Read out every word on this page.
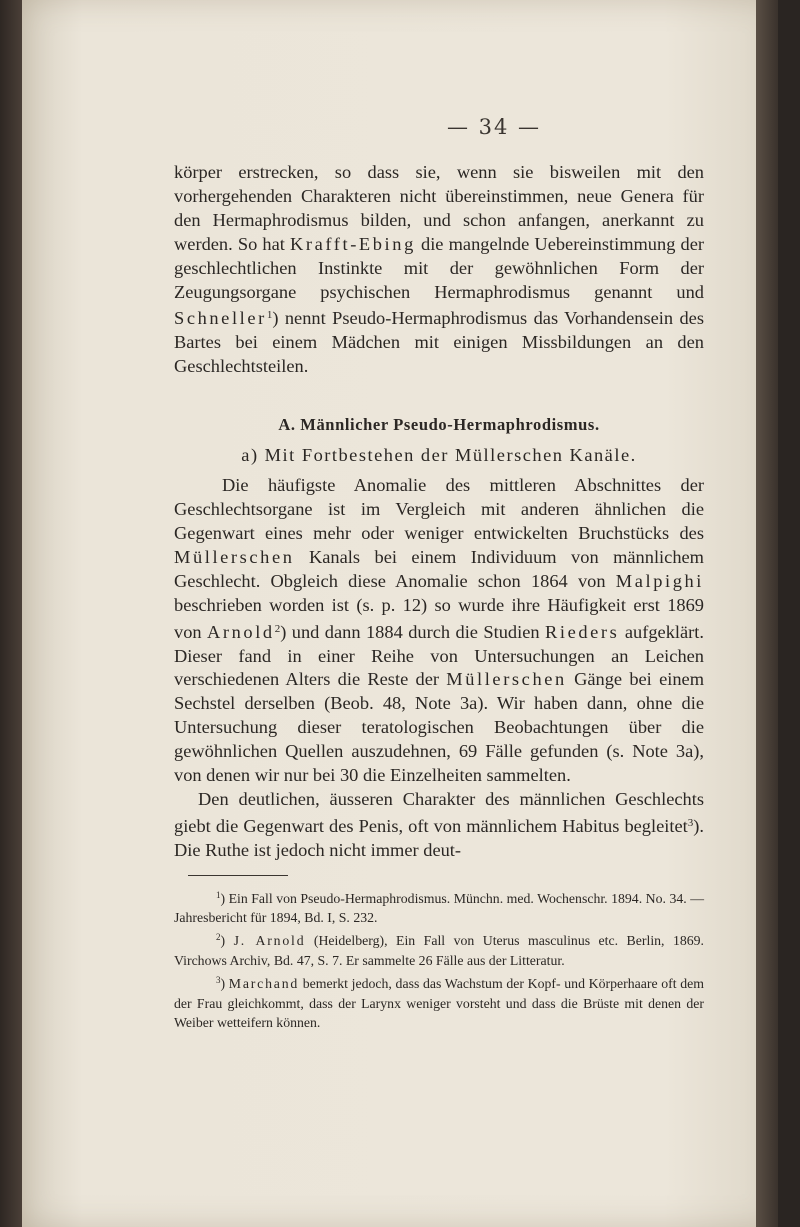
— 34 —

körper erstrecken, so dass sie, wenn sie bisweilen mit den vorhergehenden Charakteren nicht übereinstimmen, neue Genera für den Hermaphrodismus bilden, und schon anfangen, anerkannt zu werden. So hat Krafft-Ebing die mangelnde Uebereinstimmung der geschlechtlichen Instinkte mit der gewöhnlichen Form der Zeugungsorgane psychischen Hermaphrodismus genannt und Schneller$^1$) nennt Pseudo-Hermaphrodismus das Vorhandensein des Bartes bei einem Mädchen mit einigen Missbildungen an den Geschlechtsteilen.

A. Männlicher Pseudo-Hermaphrodismus.
a) Mit Fortbestehen der Müllerschen Kanäle.

Die häufigste Anomalie des mittleren Abschnittes der Geschlechtsorgane ist im Vergleich mit anderen ähnlichen die Gegenwart eines mehr oder weniger entwickelten Bruchstücks des Müllerschen Kanals bei einem Individuum von männlichem Geschlecht. Obgleich diese Anomalie schon 1864 von Malpighi beschrieben worden ist (s. p. 12) so wurde ihre Häufigkeit erst 1869 von Arnold$^2$) und dann 1884 durch die Studien Rieders aufgeklärt. Dieser fand in einer Reihe von Untersuchungen an Leichen verschiedenen Alters die Reste der Müllerschen Gänge bei einem Sechstel derselben (Beob. 48, Note 3a). Wir haben dann, ohne die Untersuchung dieser teratologischen Beobachtungen über die gewöhnlichen Quellen auszudehnen, 69 Fälle gefunden (s. Note 3a), von denen wir nur bei 30 die Einzelheiten sammelten.

Den deutlichen, äusseren Charakter des männlichen Geschlechts giebt die Gegenwart des Penis, oft von männlichem Habitus begleitet$^3$). Die Ruthe ist jedoch nicht immer deut-

$^1$) Ein Fall von Pseudo-Hermaphrodismus. Münchn. med. Wochenschr. 1894. No. 34. — Jahresbericht für 1894, Bd. I, S. 232.

$^2$) J. Arnold (Heidelberg), Ein Fall von Uterus masculinus etc. Berlin, 1869. Virchows Archiv, Bd. 47, S. 7. Er sammelte 26 Fälle aus der Litteratur.

$^3$) Marchand bemerkt jedoch, dass das Wachstum der Kopf- und Körperhaare oft dem der Frau gleichkommt, dass der Larynx weniger vorsteht und dass die Brüste mit denen der Weiber wetteifern können.
